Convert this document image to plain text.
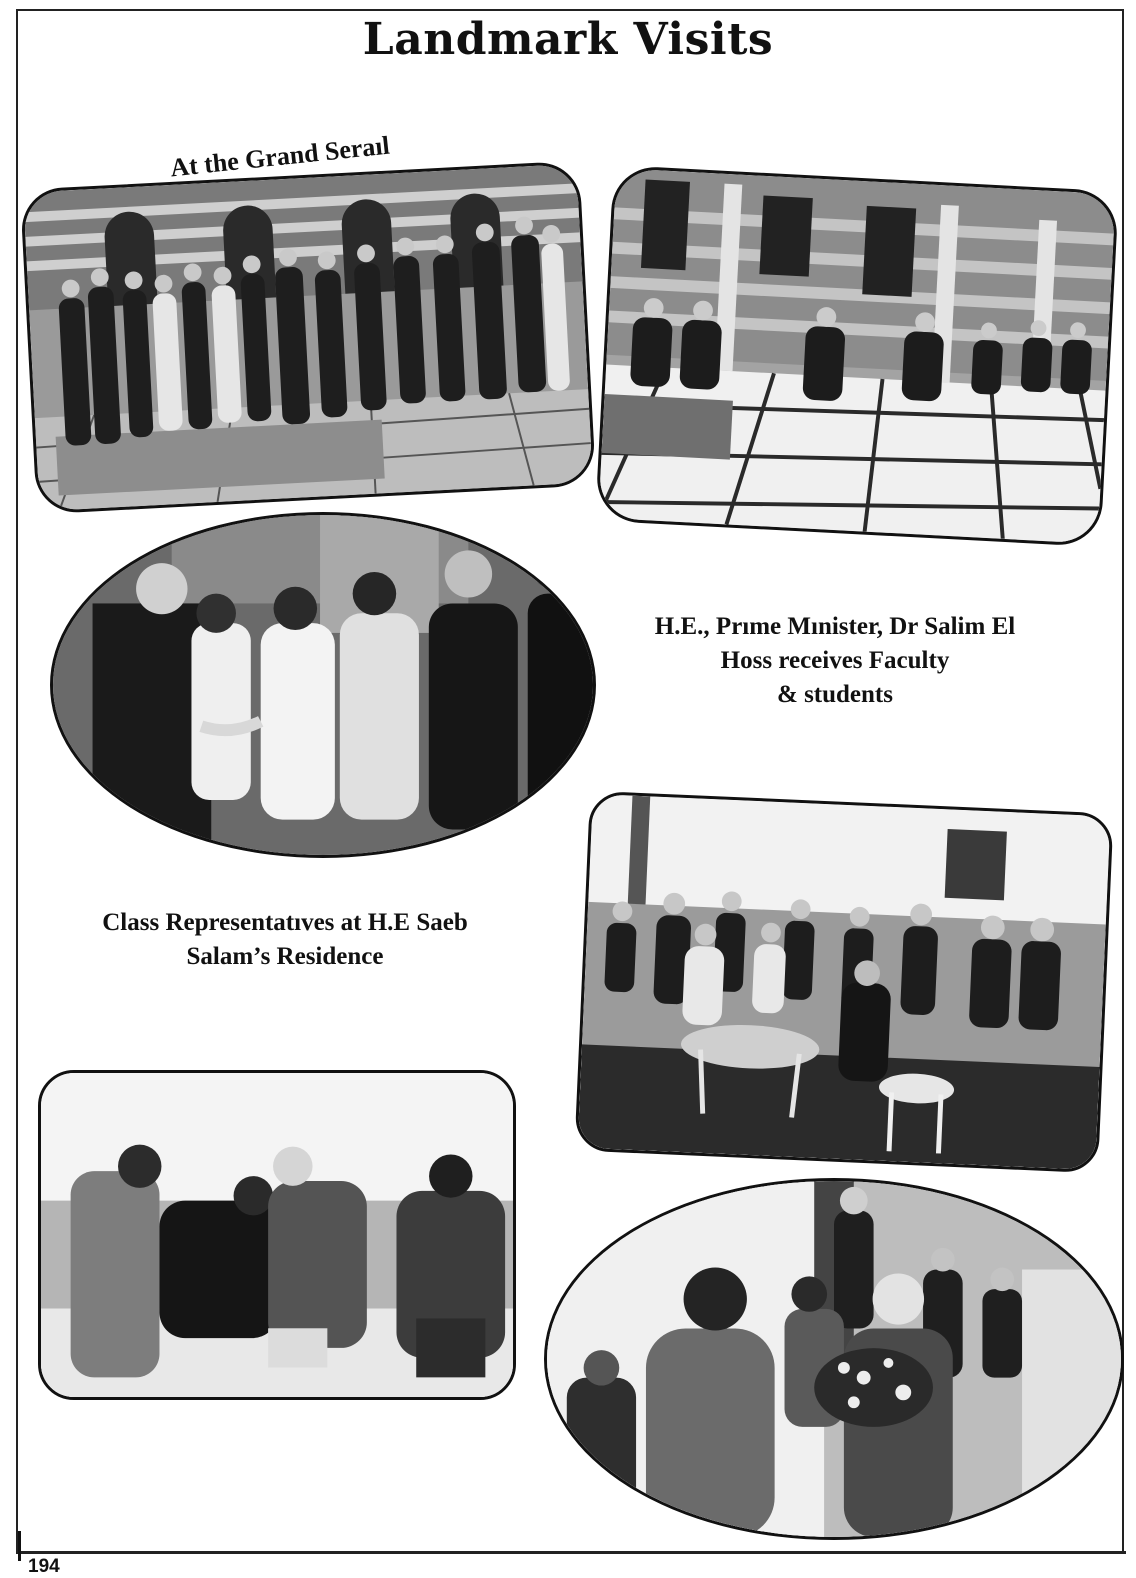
Landmark Visits
At the Grand Seraıl
H.E., Prıme Mınister, Dr Salim El
Hoss receives Faculty
& students
Class Representatıves at H.E Saeb
Salam’s Residence
194
